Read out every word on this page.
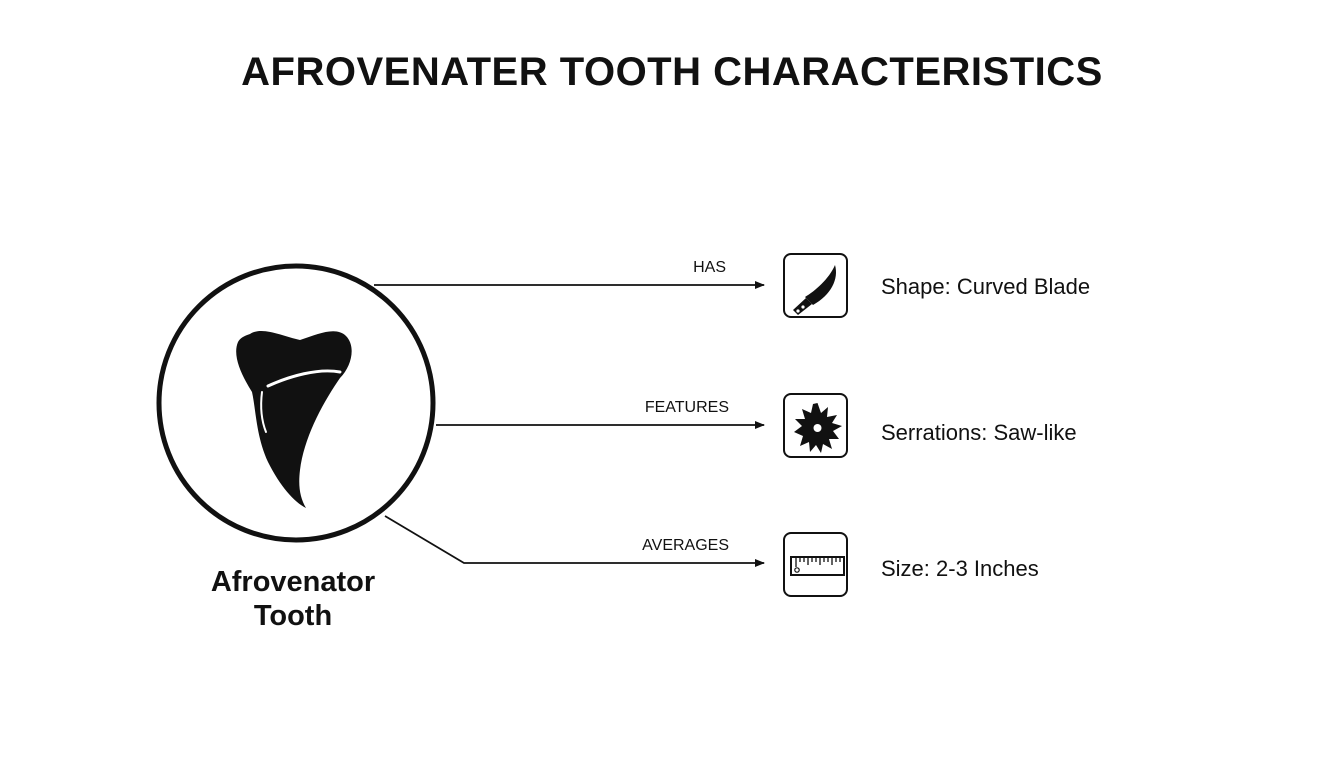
AFROVENATER TOOTH CHARACTERISTICS
Afrovenator
Tooth
HAS
Shape: Curved Blade
FEATURES
Serrations: Saw-like
AVERAGES
Size: 2-3 Inches
